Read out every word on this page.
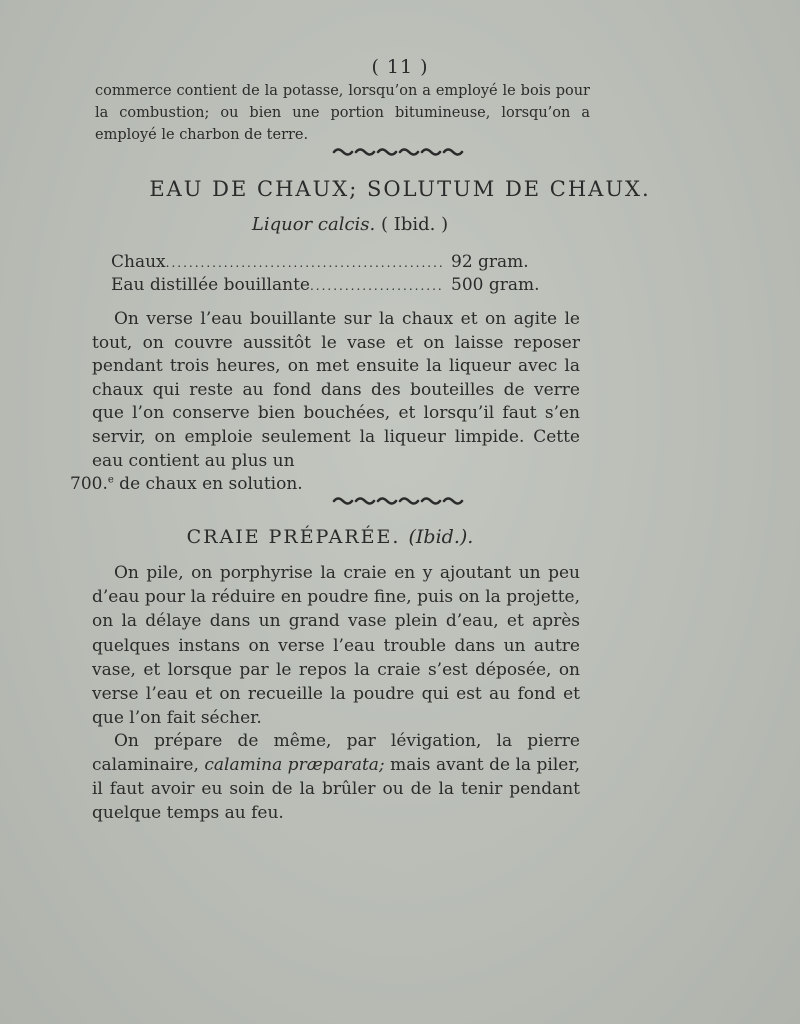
( 11 )

commerce contient de la potasse, lorsqu’on a employé le bois pour la combustion; ou bien une portion bitumineuse, lorsqu’on a employé le charbon de terre.

EAU DE CHAUX; SOLUTUM DE CHAUX.
Liquor calcis. ( Ibid. )
Chaux .....	92 gram.
Eau distillée bouillante .....	500 gram.

On verse l’eau bouillante sur la chaux et on agite le tout, on couvre aussitôt le vase et on laisse reposer pendant trois heures, on met ensuite la liqueur avec la chaux qui reste au fond dans des bouteilles de verre que l’on conserve bien bouchées, et lorsqu’il faut s’en servir, on emploie seulement la liqueur limpide. Cette eau contient au plus un
700.$^e$ de chaux en solution.

CRAIE PRÉPARÉE. (Ibid.).

On pile, on porphyrise la craie en y ajoutant un peu d’eau pour la réduire en poudre fine, puis on la projette, on la délaye dans un grand vase plein d’eau, et après quelques instans on verse l’eau trouble dans un autre vase, et lorsque par le repos la craie s’est déposée, on verse l’eau et on recueille la poudre qui est au fond et que l’on fait sécher.

On prépare de même, par lévigation, la pierre calaminaire, calamina præparata; mais avant de la piler, il faut avoir eu soin de la brûler ou de la tenir pendant quelque temps au feu.
